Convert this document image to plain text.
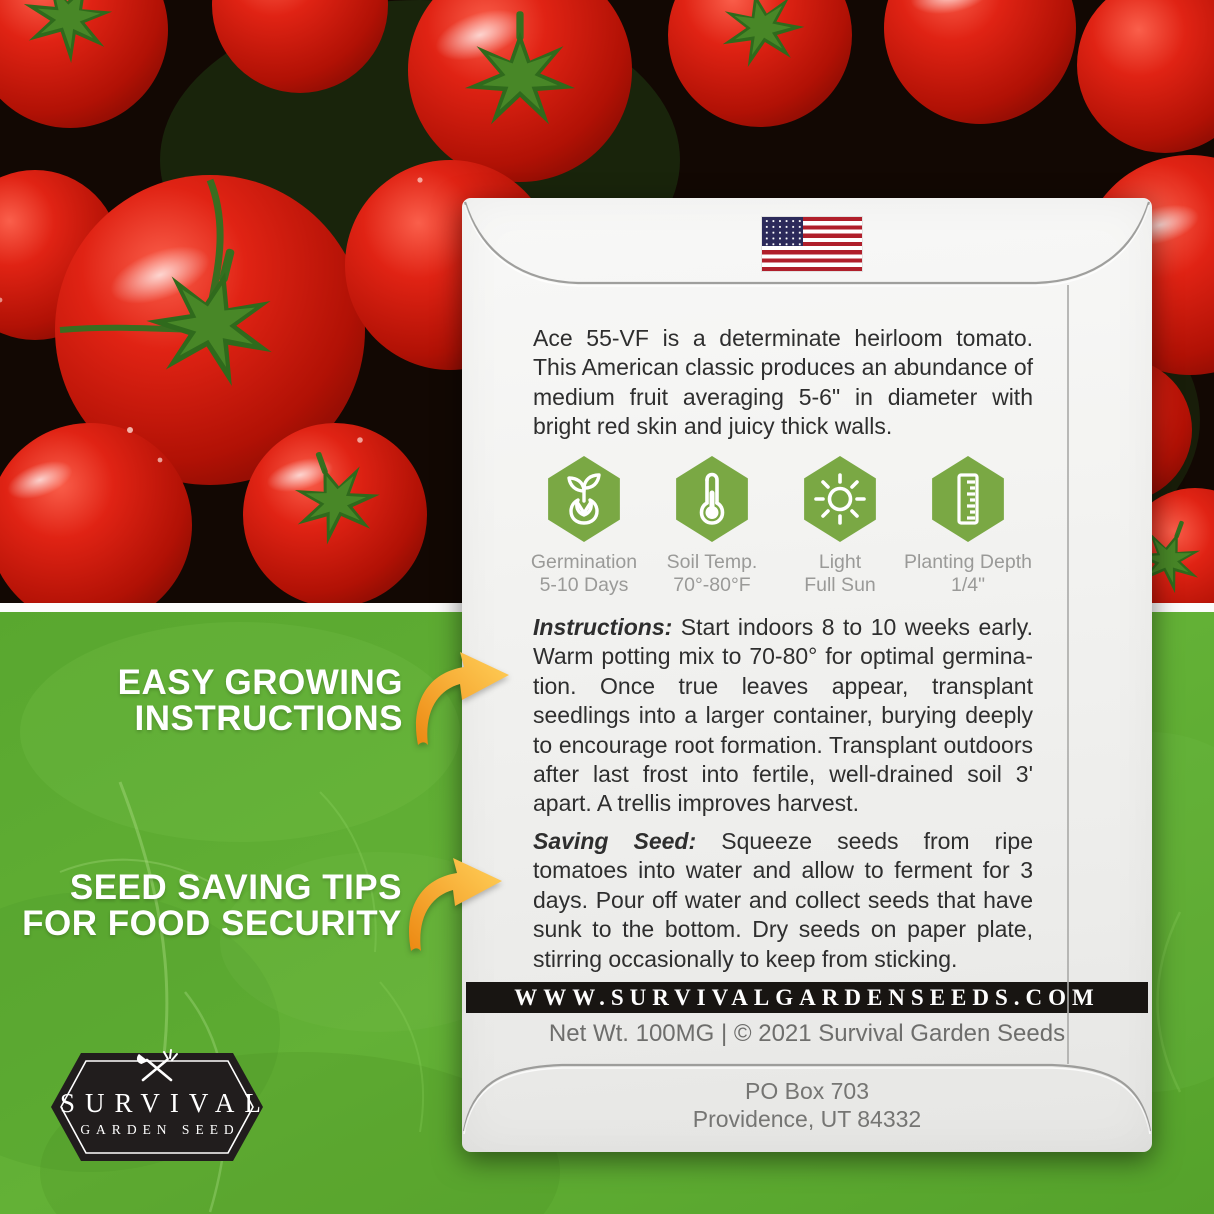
Ace 55-VF is a determinate heirloom tomato. This American classic produces an abundance of medium fruit averaging 5-6" in diameter with bright red skin and juicy thick walls.

Germination
5-10 Days
Soil Temp.
70°-80°F
Light
Full Sun
Planting Depth
1/4"

Instructions: Start indoors 8 to 10 weeks early. Warm potting mix to 70-80° for optimal germination. Once true leaves appear, transplant seedlings into a larger container, burying deeply to encourage root formation. Transplant outdoors after last frost into fertile, well-drained soil 3' apart. A trellis improves harvest.

Saving Seed: Squeeze seeds from ripe tomatoes into water and allow to ferment for 3 days. Pour off water and collect seeds that have sunk to the bottom. Dry seeds on paper plate, stirring occasionally to keep from sticking.

WWW.SURVIVALGARDENSEEDS.COM
Net Wt. 100MG | © 2021 Survival Garden Seeds
PO Box 703
Providence, UT 84332
EASY GROWING
INSTRUCTIONS
SEED SAVING TIPS
FOR FOOD SECURITY
SURVIVAL
GARDEN SEED
